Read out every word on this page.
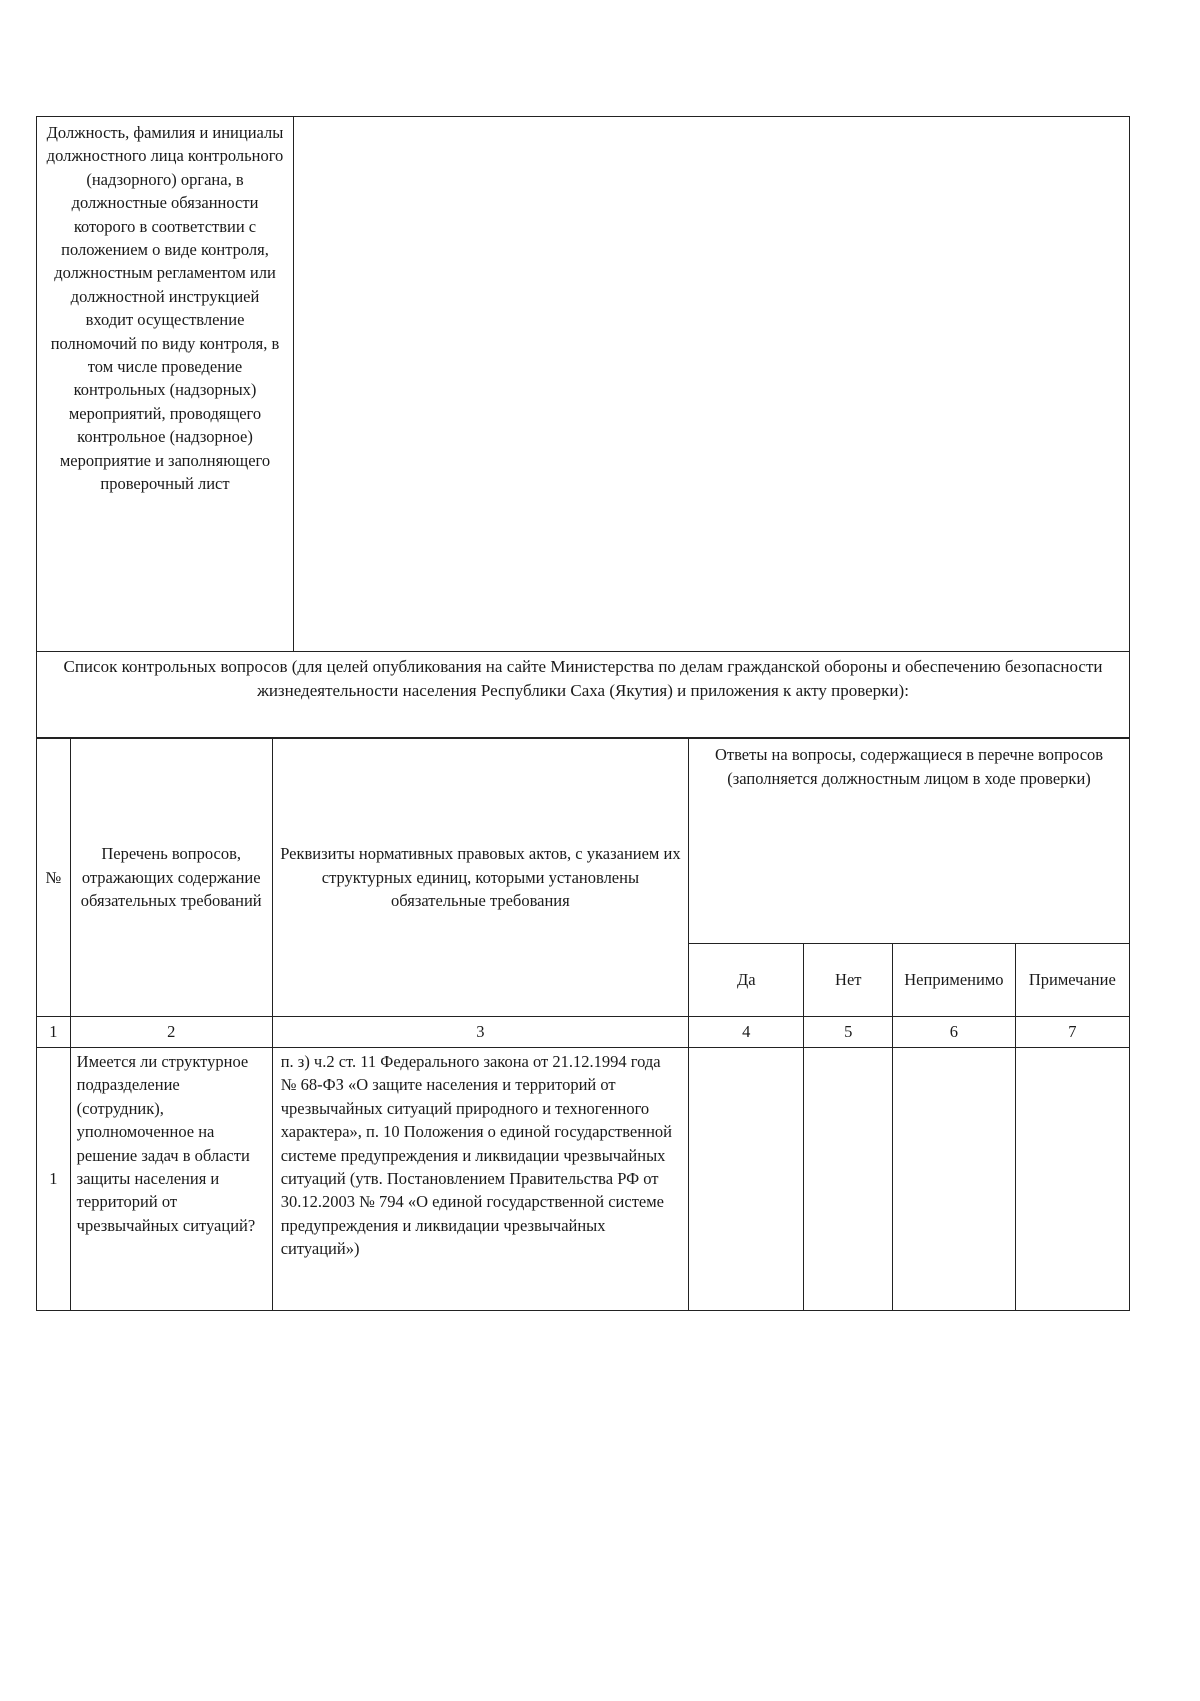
Должность, фамилия и инициалы должностного лица контрольного (надзорного) органа, в должностные обязанности которого в соответствии с положением о виде контроля, должностным регламентом или должностной инструкцией входит осуществление полномочий по виду контроля, в том числе проведение контрольных (надзорных) мероприятий, проводящего контрольное (надзорное) мероприятие и заполняющего проверочный лист	
Список контрольных вопросов (для целей опубликования на сайте Министерства по делам гражданской обороны и обеспечению безопасности жизнедеятельности населения Республики Саха (Якутия) и приложения к акту проверки):
№	Перечень вопросов, отражающих содержание обязательных требований	Реквизиты нормативных правовых актов, с указанием их структурных единиц, которыми установлены обязательные требования	Ответы на вопросы, содержащиеся в перечне вопросов (заполняется должностным лицом в ходе проверки)			
			Да	Нет	Неприменимо	Примечание
1	2	3	4	5	6	7
1	Имеется ли структурное подразделение (сотрудник), уполномоченное на решение задач в области защиты населения и территорий от чрезвычайных ситуаций?	п. з) ч.2 ст. 11 Федерального закона от 21.12.1994 года № 68-ФЗ «О защите населения и территорий от чрезвычайных ситуаций природного и техногенного характера», п. 10 Положения о единой государственной системе предупреждения и ликвидации чрезвычайных ситуаций (утв. Постановлением Правительства РФ от 30.12.2003 № 794 «О единой государственной системе предупреждения и ликвидации чрезвычайных ситуаций»)				
